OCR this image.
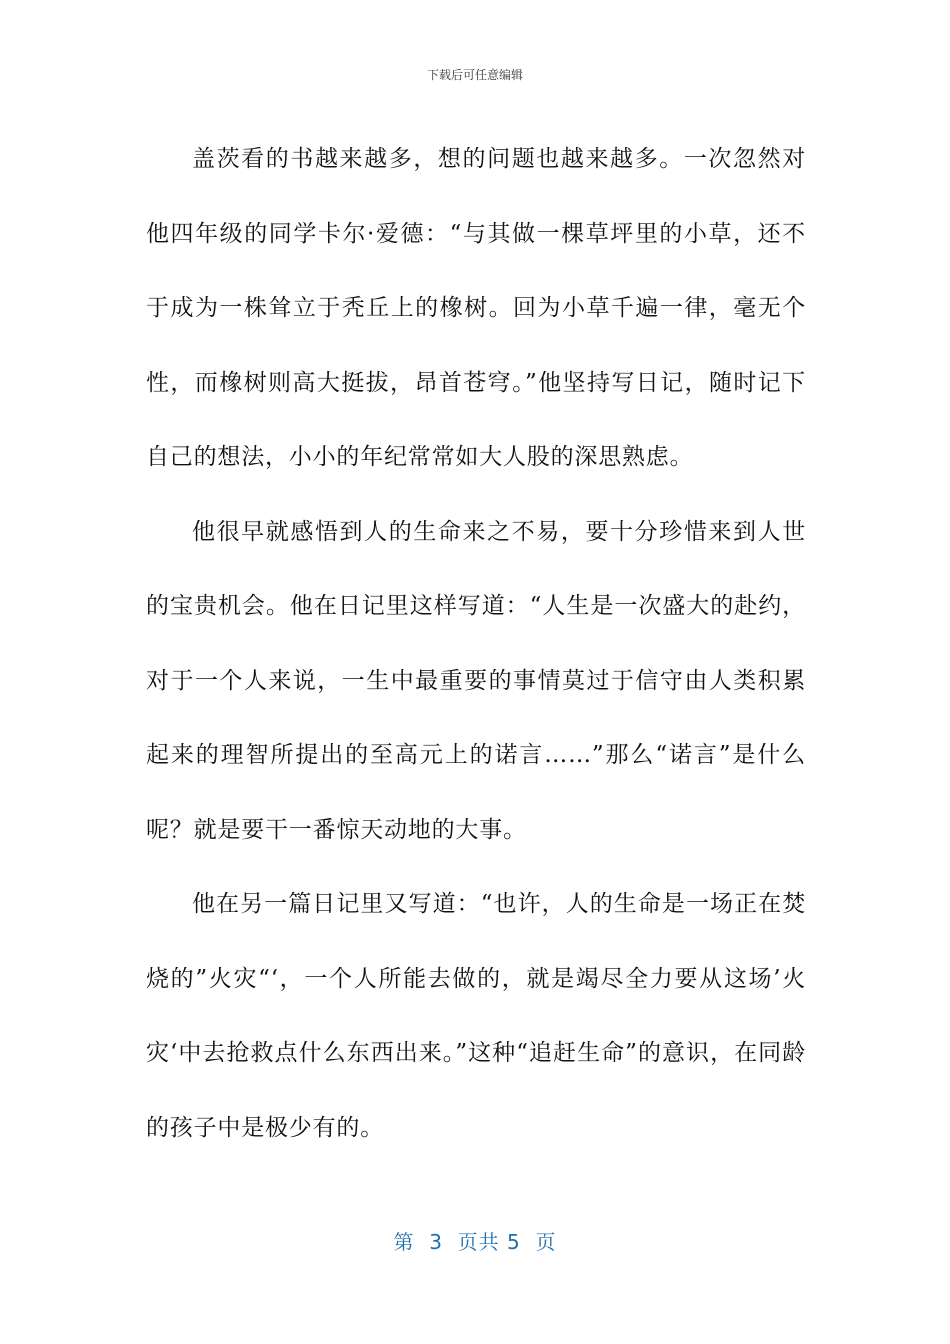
下载后可任意编辑

盖茨看的书越来越多，想的问题也越来越多。一次忽然对他四年级的同学卡尔·爱德：“与其做一棵草坪里的小草，还不于成为一株耸立于秃丘上的橡树。回为小草千遍一律，毫无个性，而橡树则高大挺拔，昂首苍穹。”他坚持写日记，随时记下自己的想法，小小的年纪常常如大人股的深思熟虑。

他很早就感悟到人的生命来之不易，要十分珍惜来到人世的宝贵机会。他在日记里这样写道：“人生是一次盛大的赴约，对于一个人来说，一生中最重要的事情莫过于信守由人类积累起来的理智所提出的至高元上的诺言……”那么“诺言”是什么呢？就是要干一番惊天动地的大事。

他在另一篇日记里又写道：“也许，人的生命是一场正在焚烧的”火灾“‘，一个人所能去做的，就是竭尽全力要从这场’火灾‘中去抢救点什么东西出来。”这种“追赶生命”的意识，在同龄的孩子中是极少有的。

第  3  页共 5  页
